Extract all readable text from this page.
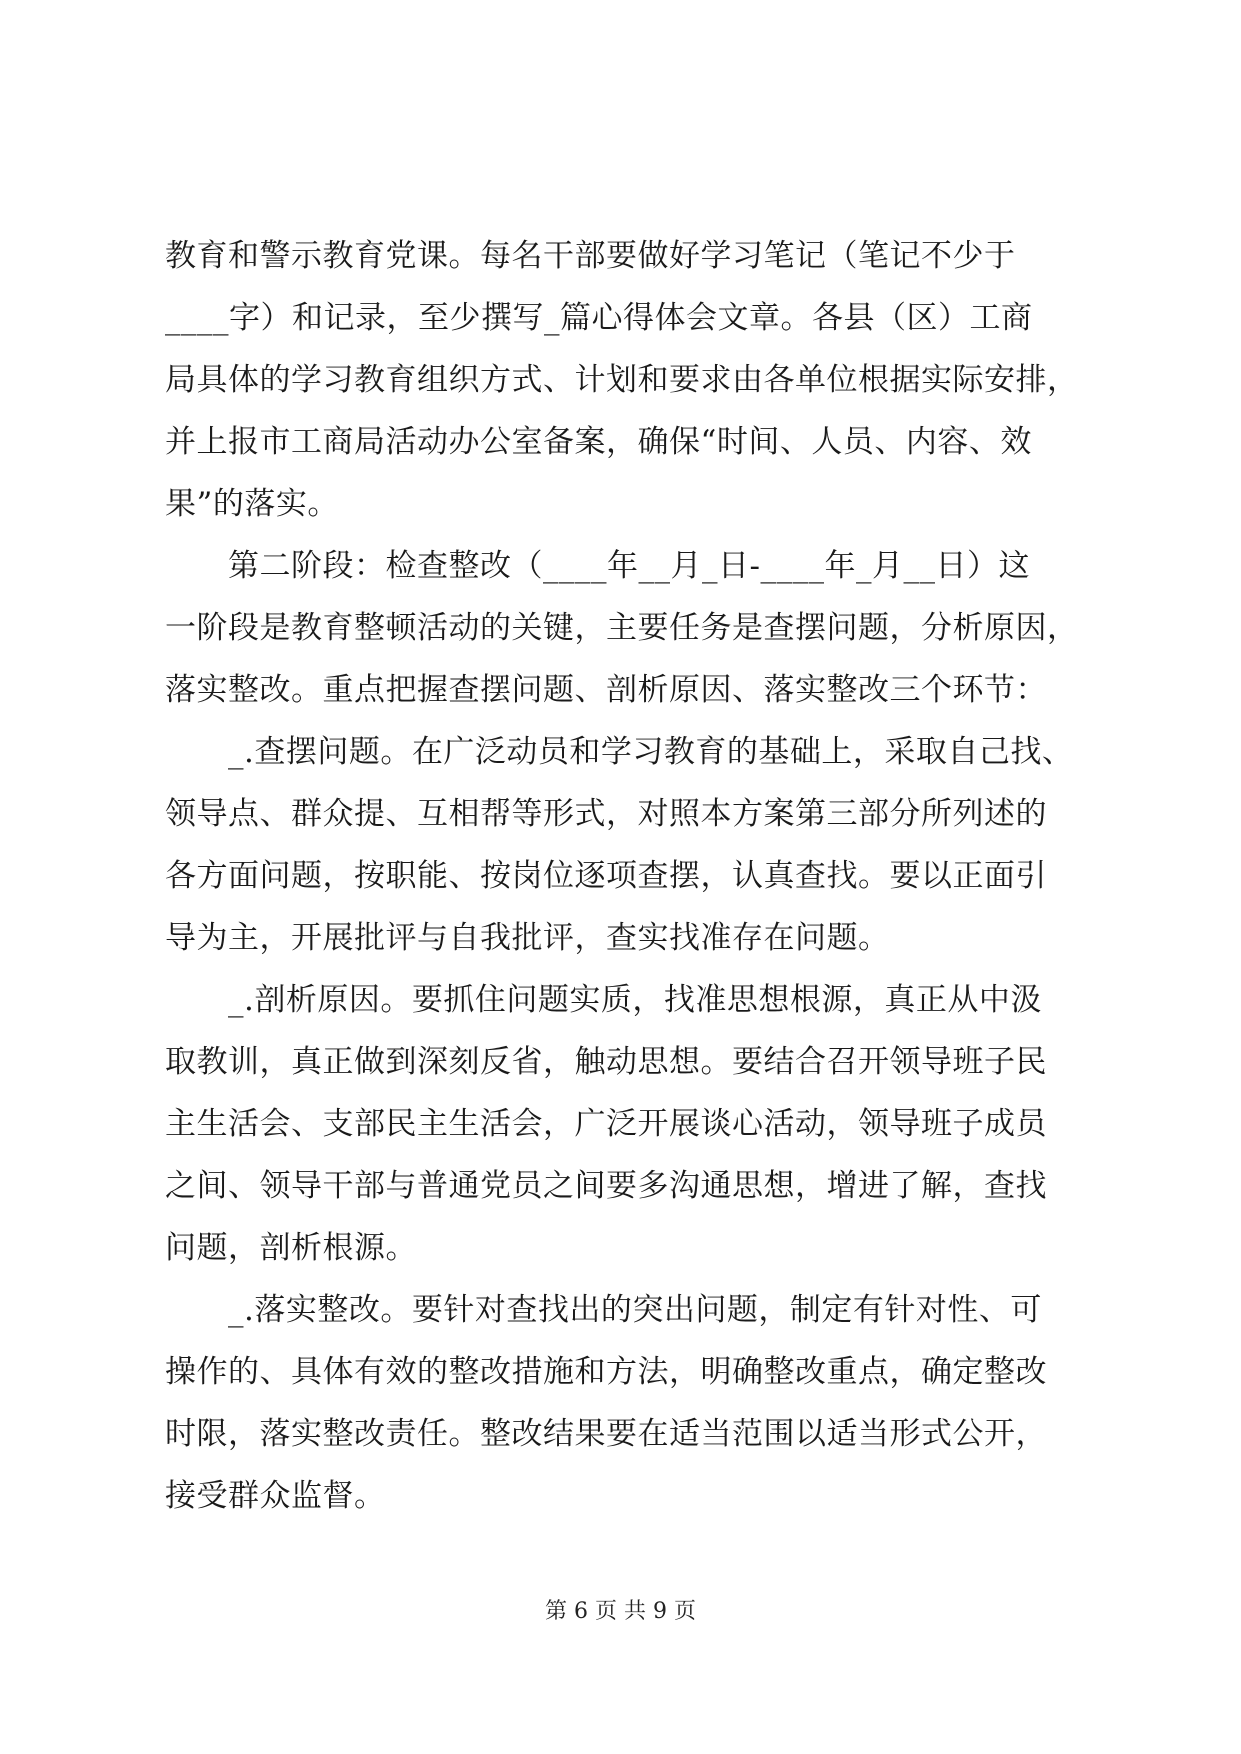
教育和警示教育党课。每名干部要做好学习笔记（笔记不少于
____字）和记录，至少撰写_篇心得体会文章。各县（区）工商
局具体的学习教育组织方式、计划和要求由各单位根据实际安排，
并上报市工商局活动办公室备案，确保“时间、人员、内容、效
果”的落实。
第二阶段：检查整改（____年__月_日-____年_月__日）这
一阶段是教育整顿活动的关键，主要任务是查摆问题，分析原因，
落实整改。重点把握查摆问题、剖析原因、落实整改三个环节：
_.查摆问题。在广泛动员和学习教育的基础上，采取自己找、
领导点、群众提、互相帮等形式，对照本方案第三部分所列述的
各方面问题，按职能、按岗位逐项查摆，认真查找。要以正面引
导为主，开展批评与自我批评，查实找准存在问题。
_.剖析原因。要抓住问题实质，找准思想根源，真正从中汲
取教训，真正做到深刻反省，触动思想。要结合召开领导班子民
主生活会、支部民主生活会，广泛开展谈心活动，领导班子成员
之间、领导干部与普通党员之间要多沟通思想，增进了解，查找
问题，剖析根源。
_.落实整改。要针对查找出的突出问题，制定有针对性、可
操作的、具体有效的整改措施和方法，明确整改重点，确定整改
时限，落实整改责任。整改结果要在适当范围以适当形式公开，
接受群众监督。
第 6 页 共 9 页
